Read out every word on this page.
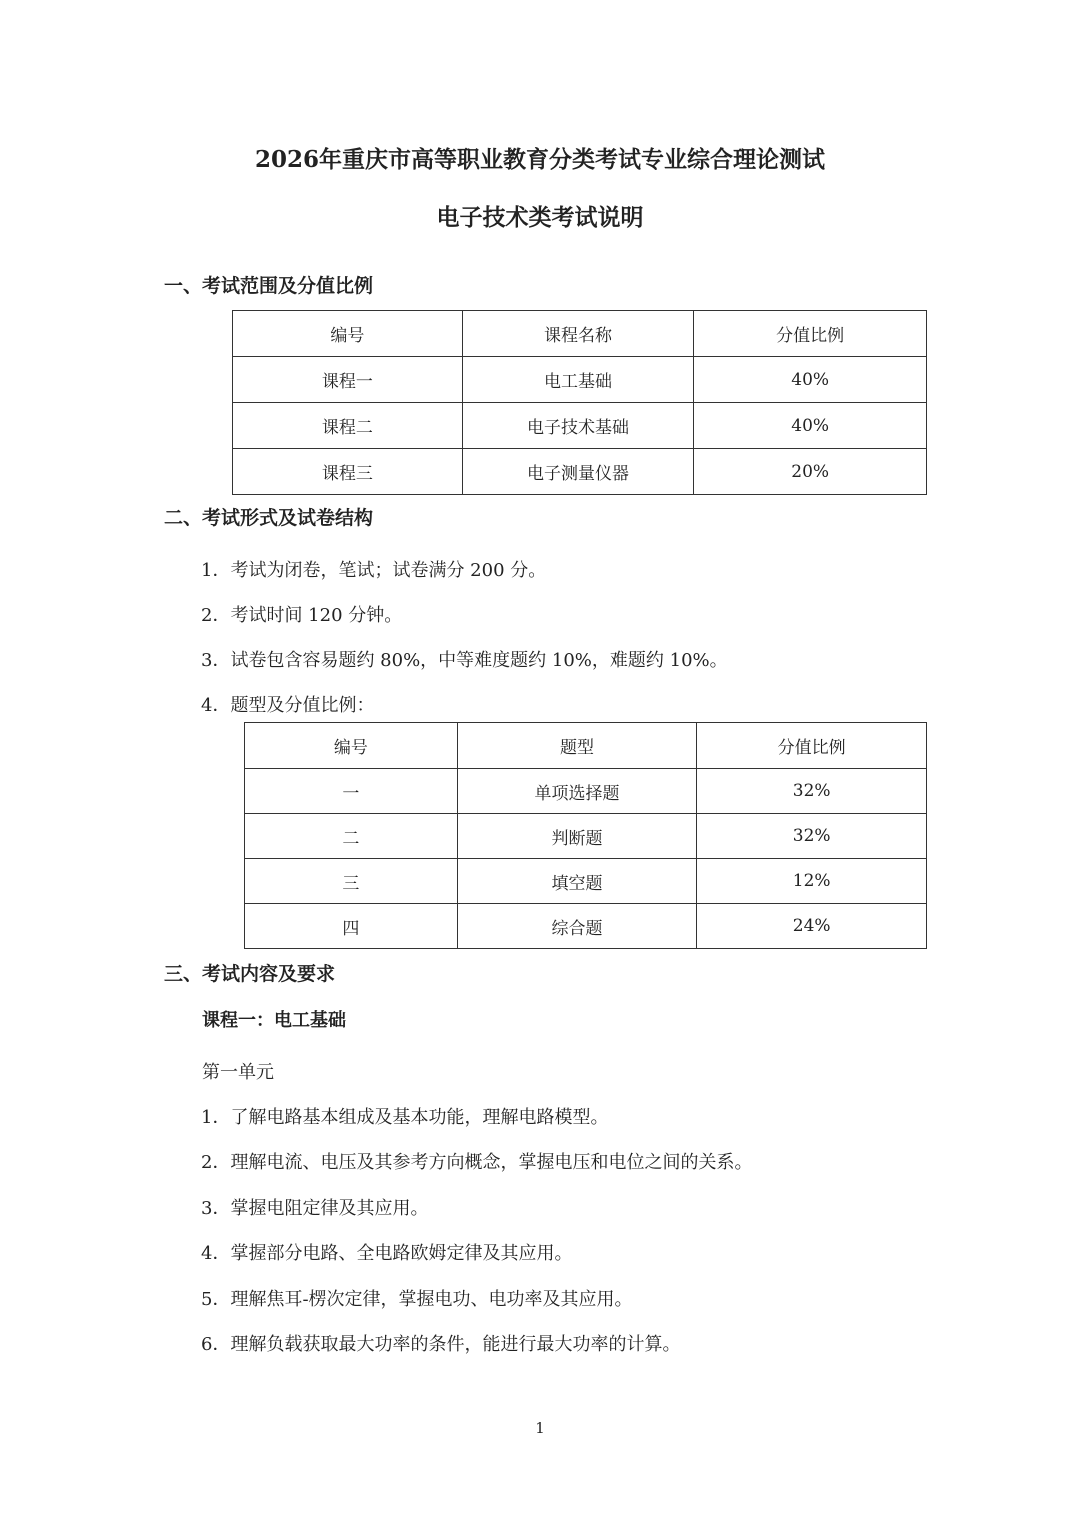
2026年重庆市高等职业教育分类考试专业综合理论测试
电子技术类考试说明
一、考试范围及分值比例
编号	课程名称	分值比例
课程一	电工基础	40%
课程二	电子技术基础	40%
课程三	电子测量仪器	20%
二、考试形式及试卷结构
1．考试为闭卷，笔试；试卷满分 200 分。
2．考试时间 120 分钟。
3．试卷包含容易题约 80%，中等难度题约 10%，难题约 10%。
4．题型及分值比例：
编号	题型	分值比例
一	单项选择题	32%
二	判断题	32%
三	填空题	12%
四	综合题	24%
三、考试内容及要求
课程一：电工基础
第一单元
1．了解电路基本组成及基本功能，理解电路模型。
2．理解电流、电压及其参考方向概念，掌握电压和电位之间的关系。
3．掌握电阻定律及其应用。
4．掌握部分电路、全电路欧姆定律及其应用。
5．理解焦耳-楞次定律，掌握电功、电功率及其应用。
6．理解负载获取最大功率的条件，能进行最大功率的计算。
1
